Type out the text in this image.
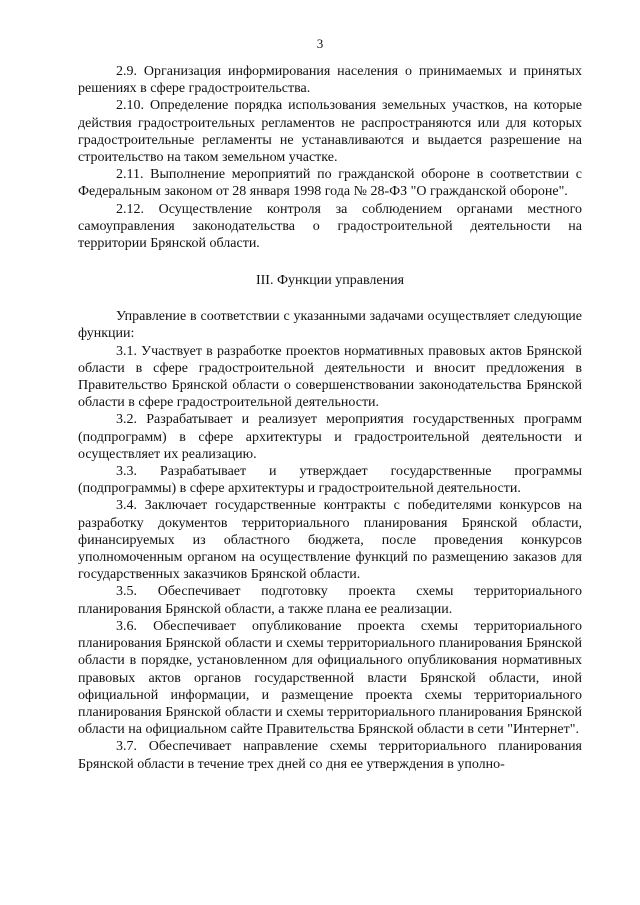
3

2.9. Организация информирования населения о принимаемых и принятых решениях в сфере градостроительства.

2.10. Определение порядка использования земельных участков, на которые действия градостроительных регламентов не распространяются или для которых градостроительные регламенты не устанавливаются и выдается разрешение на строительство на таком земельном участке.

2.11. Выполнение мероприятий по гражданской обороне в соответствии с Федеральным законом от 28 января 1998 года № 28-ФЗ "О гражданской обороне".

2.12. Осуществление контроля за соблюдением органами местного самоуправления законодательства о градостроительной деятельности на территории Брянской области.

III. Функции управления

Управление в соответствии с указанными задачами осуществляет следующие функции:

3.1. Участвует в разработке проектов нормативных правовых актов Брянской области в сфере градостроительной деятельности и вносит предложения в Правительство Брянской области о совершенствовании законодательства Брянской области в сфере градостроительной деятельности.

3.2. Разрабатывает и реализует мероприятия государственных программ (подпрограмм) в сфере архитектуры и градостроительной деятельности и осуществляет их реализацию.

3.3. Разрабатывает и утверждает государственные программы (подпрограммы) в сфере архитектуры и градостроительной деятельности.

3.4. Заключает государственные контракты с победителями конкурсов на разработку документов территориального планирования Брянской области, финансируемых из областного бюджета, после проведения конкурсов уполномоченным органом на осуществление функций по размещению заказов для государственных заказчиков Брянской области.

3.5. Обеспечивает подготовку проекта схемы территориального планирования Брянской области, а также плана ее реализации.

3.6. Обеспечивает опубликование проекта схемы территориального планирования Брянской области и схемы территориального планирования Брянской области в порядке, установленном для официального опубликования нормативных правовых актов органов государственной власти Брянской области, иной официальной информации, и размещение проекта схемы территориального планирования Брянской области и схемы территориального планирования Брянской области на официальном сайте Правительства Брянской области в сети "Интернет".

3.7. Обеспечивает направление схемы территориального планирования Брянской области в течение трех дней со дня ее утверждения в уполно-
